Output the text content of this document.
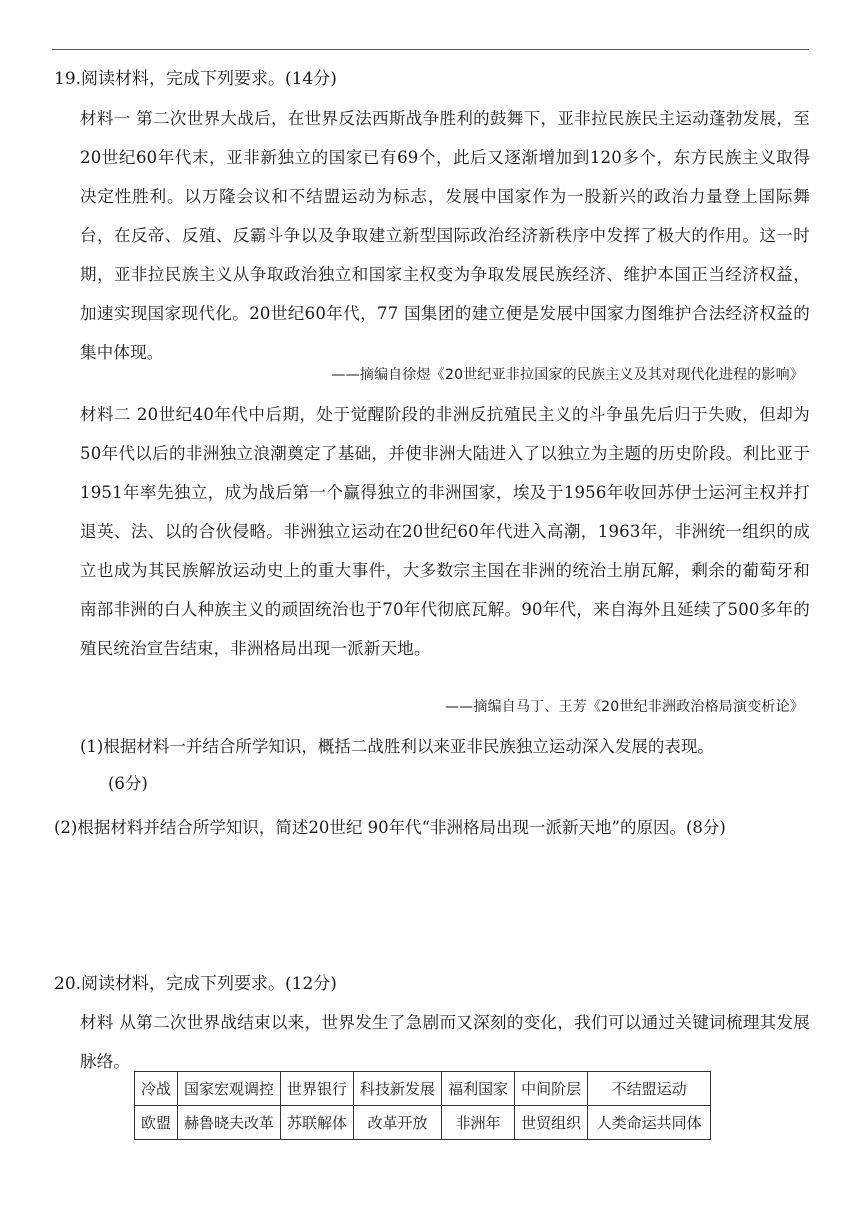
19.阅读材料，完成下列要求。(14分)
材料一 第二次世界大战后，在世界反法西斯战争胜利的鼓舞下，亚非拉民族民主运动蓬勃发展，至20世纪60年代末，亚非新独立的国家已有69个，此后又逐渐增加到120多个，东方民族主义取得决定性胜利。以万隆会议和不结盟运动为标志，发展中国家作为一股新兴的政治力量登上国际舞台，在反帝、反殖、反霸斗争以及争取建立新型国际政治经济新秩序中发挥了极大的作用。这一时期，亚非拉民族主义从争取政治独立和国家主权变为争取发展民族经济、维护本国正当经济权益，加速实现国家现代化。20世纪60年代，77 国集团的建立便是发展中国家力图维护合法经济权益的集中体现。
——摘编自徐煜《20世纪亚非拉国家的民族主义及其对现代化进程的影响》
材料二 20世纪40年代中后期，处于觉醒阶段的非洲反抗殖民主义的斗争虽先后归于失败，但却为50年代以后的非洲独立浪潮奠定了基础，并使非洲大陆进入了以独立为主题的历史阶段。利比亚于1951年率先独立，成为战后第一个赢得独立的非洲国家，埃及于1956年收回苏伊士运河主权并打退英、法、以的合伙侵略。非洲独立运动在20世纪60年代进入高潮，1963年，非洲统一组织的成立也成为其民族解放运动史上的重大事件，大多数宗主国在非洲的统治土崩瓦解，剩余的葡萄牙和南部非洲的白人种族主义的顽固统治也于70年代彻底瓦解。90年代，来自海外且延续了500多年的殖民统治宣告结束，非洲格局出现一派新天地。
——摘编自马丁、王芳《20世纪非洲政治格局演变析论》
(1)根据材料一并结合所学知识，概括二战胜利以来亚非民族独立运动深入发展的表现。
(6分)
(2)根据材料并结合所学知识，简述20世纪 90年代“非洲格局出现一派新天地”的原因。(8分)
20.阅读材料，完成下列要求。(12分)
材料 从第二次世界战结束以来，世界发生了急剧而又深刻的变化，我们可以通过关键词梳理其发展脉络。
冷战	国家宏观调控	世界银行	科技新发展	福利国家	中间阶层	不结盟运动
欧盟	赫鲁晓夫改革	苏联解体	改革开放	非洲年	世贸组织	人类命运共同体
